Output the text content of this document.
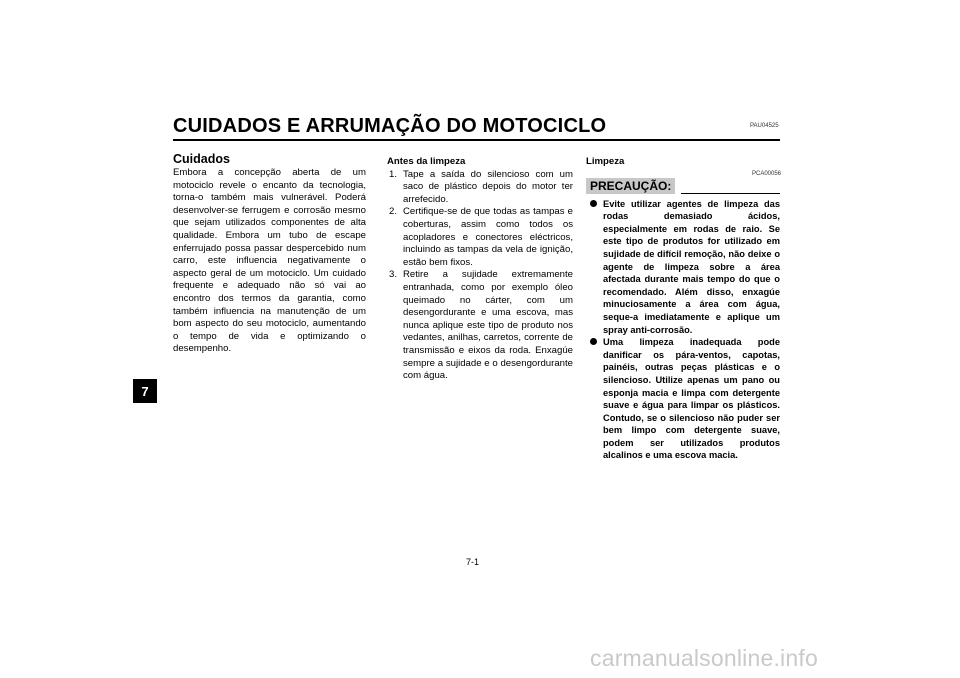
CUIDADOS E ARRUMAÇÃO DO MOTOCICLO	PAU04525
7
Cuidados

Embora a concepção aberta de um motociclo revele o encanto da tecnologia, torna-o também mais vulnerável. Poderá desenvolver-se ferrugem e corrosão mesmo que sejam utilizados componentes de alta qualidade. Embora um tubo de escape enferrujado possa passar despercebido num carro, este influencia negativamente o aspecto geral de um motociclo. Um cuidado frequente e adequado não só vai ao encontro dos termos da garantia, como também influencia na manutenção de um bom aspecto do seu motociclo, aumentando o tempo de vida e optimizando o desempenho.

Antes da limpeza

1. Tape a saída do silencioso com um saco de plástico depois do motor ter arrefecido.
2. Certifique-se de que todas as tampas e coberturas, assim como todos os acopladores e conectores eléctricos, incluindo as tampas da vela de ignição, estão bem fixos.
3. Retire a sujidade extremamente entranhada, como por exemplo óleo queimado no cárter, com um desengordurante e uma escova, mas nunca aplique este tipo de produto nos vedantes, anilhas, carretos, corrente de transmissão e eixos da roda. Enxagúe sempre a sujidade e o desengordurante com água.

Limpeza

PCA00056
PRECAUÇÃO:
Evite utilizar agentes de limpeza das rodas demasiado ácidos, especialmente em rodas de raio. Se este tipo de produtos for utilizado em sujidade de difícil remoção, não deixe o agente de limpeza sobre a área afectada durante mais tempo do que o recomendado. Além disso, enxagúe minuciosamente a área com água, seque-a imediatamente e aplique um spray anti-corrosão.
Uma limpeza inadequada pode danificar os pára-ventos, capotas, painéis, outras peças plásticas e o silencioso. Utilize apenas um pano ou esponja macia e limpa com detergente suave e água para limpar os plásticos. Contudo, se o silencioso não puder ser bem limpo com detergente suave, podem ser utilizados produtos alcalinos e uma escova macia.
7-1
carmanualsonline.info
